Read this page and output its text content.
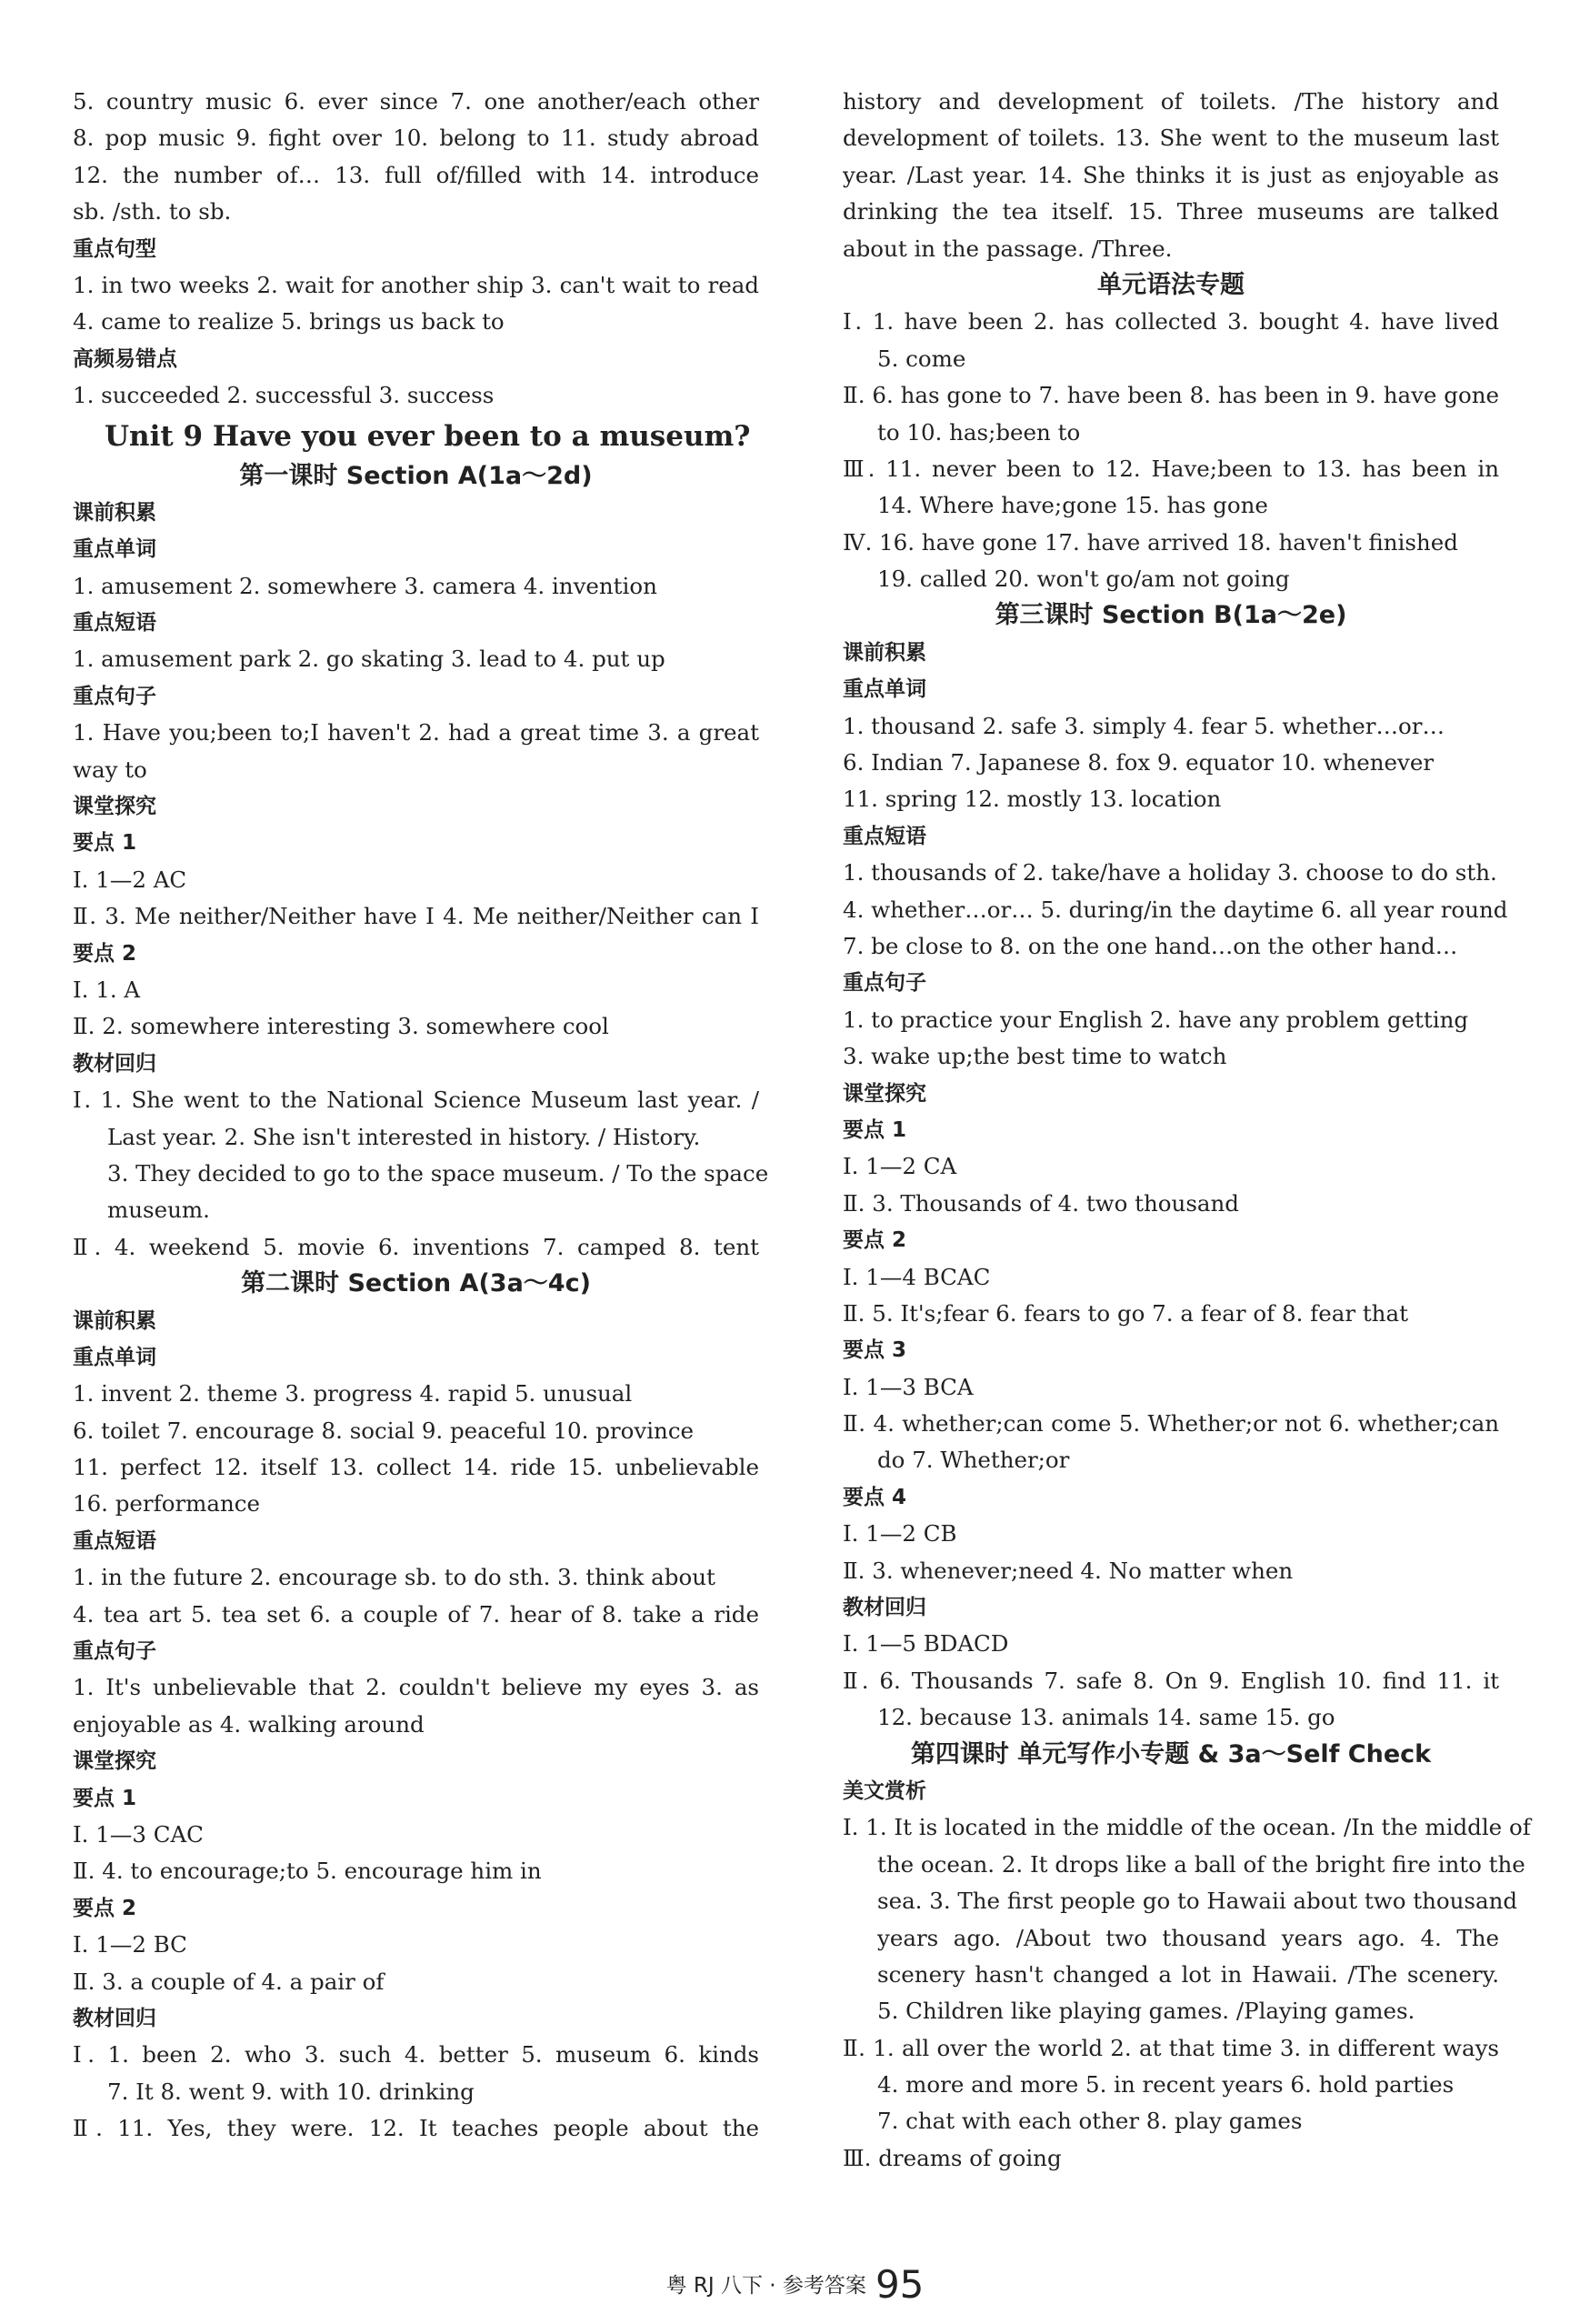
5. country music 6. ever since 7. one another/each other
8. pop music 9. fight over 10. belong to 11. study abroad
12. the number of… 13. full of/filled with 14. introduce
sb. /sth. to sb.
重点句型
1. in two weeks 2. wait for another ship 3. can't wait to read
4. came to realize 5. brings us back to
高频易错点
1. succeeded 2. successful 3. success
Unit 9 Have you ever been to a museum?
第一课时 Section A(1a～2d)
课前积累
重点单词
1. amusement 2. somewhere 3. camera 4. invention
重点短语
1. amusement park 2. go skating 3. lead to 4. put up
重点句子
1. Have you;been to;I haven't 2. had a great time 3. a great
way to
课堂探究
要点 1
Ⅰ. 1—2 AC
Ⅱ. 3. Me neither/Neither have I 4. Me neither/Neither can I
要点 2
Ⅰ. 1. A
Ⅱ. 2. somewhere interesting 3. somewhere cool
教材回归
Ⅰ. 1. She went to the National Science Museum last year. /
Last year. 2. She isn't interested in history. / History.
3. They decided to go to the space museum. / To the space
museum.
Ⅱ. 4. weekend 5. movie 6. inventions 7. camped 8. tent
第二课时 Section A(3a～4c)
课前积累
重点单词
1. invent 2. theme 3. progress 4. rapid 5. unusual
6. toilet 7. encourage 8. social 9. peaceful 10. province
11. perfect 12. itself 13. collect 14. ride 15. unbelievable
16. performance
重点短语
1. in the future 2. encourage sb. to do sth. 3. think about
4. tea art 5. tea set 6. a couple of 7. hear of 8. take a ride
重点句子
1. It's unbelievable that 2. couldn't believe my eyes 3. as
enjoyable as 4. walking around
课堂探究
要点 1
Ⅰ. 1—3 CAC
Ⅱ. 4. to encourage;to 5. encourage him in
要点 2
Ⅰ. 1—2 BC
Ⅱ. 3. a couple of 4. a pair of
教材回归
Ⅰ. 1. been 2. who 3. such 4. better 5. museum 6. kinds
7. It 8. went 9. with 10. drinking
Ⅱ. 11. Yes, they were. 12. It teaches people about the
history and development of toilets. /The history and
development of toilets. 13. She went to the museum last
year. /Last year. 14. She thinks it is just as enjoyable as
drinking the tea itself. 15. Three museums are talked
about in the passage. /Three.
单元语法专题
Ⅰ. 1. have been 2. has collected 3. bought 4. have lived
5. come
Ⅱ. 6. has gone to 7. have been 8. has been in 9. have gone
to 10. has;been to
Ⅲ. 11. never been to 12. Have;been to 13. has been in
14. Where have;gone 15. has gone
Ⅳ. 16. have gone 17. have arrived 18. haven't finished
19. called 20. won't go/am not going
第三课时 Section B(1a～2e)
课前积累
重点单词
1. thousand 2. safe 3. simply 4. fear 5. whether…or…
6. Indian 7. Japanese 8. fox 9. equator 10. whenever
11. spring 12. mostly 13. location
重点短语
1. thousands of 2. take/have a holiday 3. choose to do sth.
4. whether…or… 5. during/in the daytime 6. all year round
7. be close to 8. on the one hand…on the other hand…
重点句子
1. to practice your English 2. have any problem getting
3. wake up;the best time to watch
课堂探究
要点 1
Ⅰ. 1—2 CA
Ⅱ. 3. Thousands of 4. two thousand
要点 2
Ⅰ. 1—4 BCAC
Ⅱ. 5. It's;fear 6. fears to go 7. a fear of 8. fear that
要点 3
Ⅰ. 1—3 BCA
Ⅱ. 4. whether;can come 5. Whether;or not 6. whether;can
do 7. Whether;or
要点 4
Ⅰ. 1—2 CB
Ⅱ. 3. whenever;need 4. No matter when
教材回归
Ⅰ. 1—5 BDACD
Ⅱ. 6. Thousands 7. safe 8. On 9. English 10. find 11. it
12. because 13. animals 14. same 15. go
第四课时 单元写作小专题 & 3a～Self Check
美文赏析
Ⅰ. 1. It is located in the middle of the ocean. /In the middle of
the ocean. 2. It drops like a ball of the bright fire into the
sea. 3. The first people go to Hawaii about two thousand
years ago. /About two thousand years ago. 4. The
scenery hasn't changed a lot in Hawaii. /The scenery.
5. Children like playing games. /Playing games.
Ⅱ. 1. all over the world 2. at that time 3. in different ways
4. more and more 5. in recent years 6. hold parties
7. chat with each other 8. play games
Ⅲ. dreams of going
粤 RJ 八下 · 参考答案 95
